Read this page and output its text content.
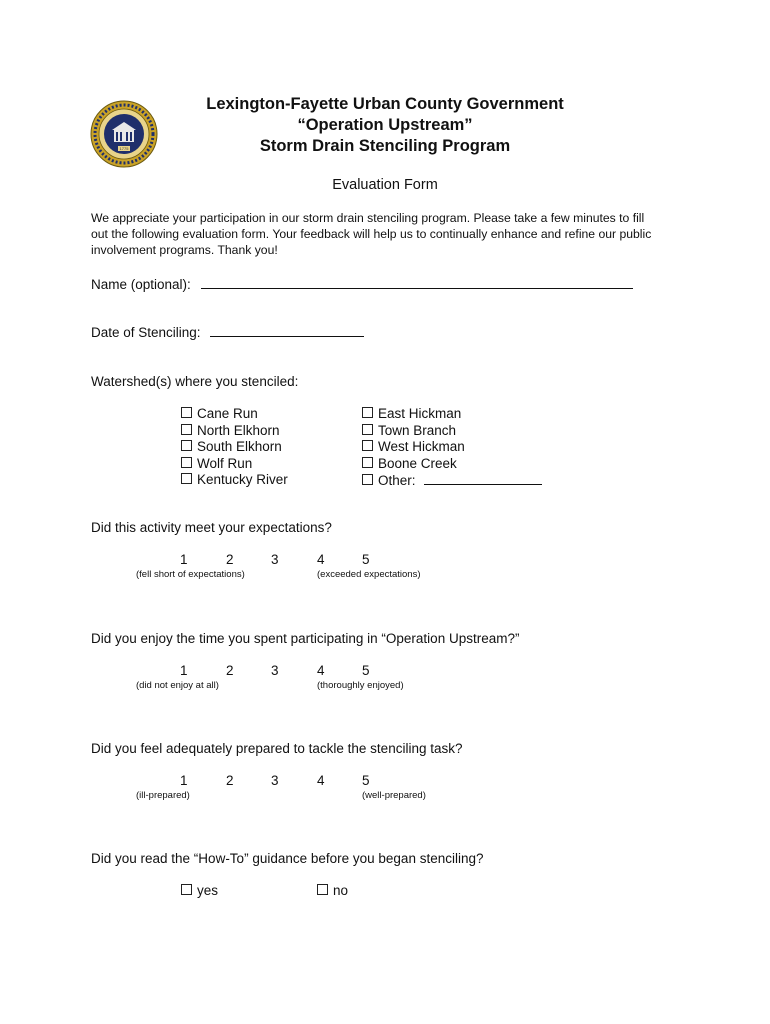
1775
Lexington-Fayette Urban County Government
“Operation Upstream”
Storm Drain Stenciling Program
Evaluation Form

We appreciate your participation in our storm drain stenciling program. Please take a few minutes to fill

out the following evaluation form. Your feedback will help us to continually enhance and refine our public

involvement programs. Thank you!

Name (optional):
Date of Stenciling:
Watershed(s) where you stenciled:
Cane Run
North Elkhorn
South Elkhorn
Wolf Run
Kentucky River
East Hickman
Town Branch
West Hickman
Boone Creek
Other:
Did this activity meet your expectations?
1	2	3	4	5
(fell short of expectations)	(exceeded expectations)
Did you enjoy the time you spent participating in “Operation Upstream?”
1	2	3	4	5
(did not enjoy at all)	(thoroughly enjoyed)
Did you feel adequately prepared to tackle the stenciling task?
1	2	3	4	5
(ill-prepared)	(well-prepared)
Did you read the “How-To” guidance before you began stenciling?
yes	no
